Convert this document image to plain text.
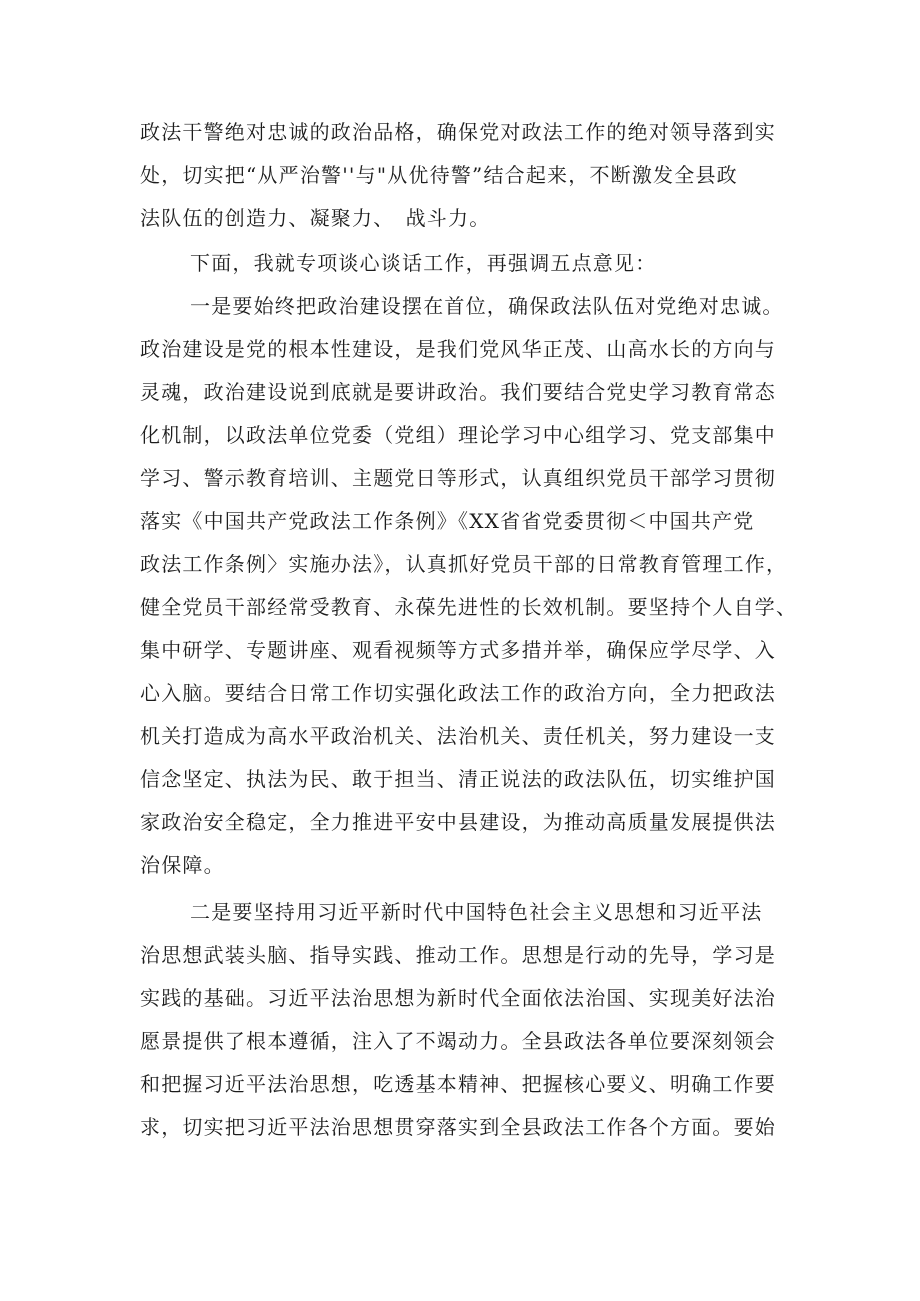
政法干警绝对忠诚的政治品格，确保党对政法工作的绝对领导落到实

处，切实把“从严治警''与"从优待警”结合起来，不断激发全县政

法队伍的创造力、凝聚力、　战斗力。

下面，我就专项谈心谈话工作，再强调五点意见：

一是要始终把政治建设摆在首位，确保政法队伍对党绝对忠诚。

政治建设是党的根本性建设，是我们党风华正茂、山高水长的方向与

灵魂，政治建设说到底就是要讲政治。我们要结合党史学习教育常态

化机制，以政法单位党委（党组）理论学习中心组学习、党支部集中

学习、警示教育培训、主题党日等形式，认真组织党员干部学习贯彻

落实《中国共产党政法工作条例》《XX省省党委贯彻＜中国共产党

政法工作条例〉实施办法》，认真抓好党员干部的日常教育管理工作，

健全党员干部经常受教育、永葆先进性的长效机制。要坚持个人自学、

集中研学、专题讲座、观看视频等方式多措并举，确保应学尽学、入

心入脑。要结合日常工作切实强化政法工作的政治方向，全力把政法

机关打造成为高水平政治机关、法治机关、责任机关，努力建设一支

信念坚定、执法为民、敢于担当、清正说法的政法队伍，切实维护国

家政治安全稳定，全力推进平安中县建设，为推动高质量发展提供法

治保障。

二是要坚持用习近平新时代中国特色社会主义思想和习近平法

治思想武装头脑、指导实践、推动工作。思想是行动的先导，学习是

实践的基础。习近平法治思想为新时代全面依法治国、实现美好法治

愿景提供了根本遵循，注入了不竭动力。全县政法各单位要深刻领会

和把握习近平法治思想，吃透基本精神、把握核心要义、明确工作要

求，切实把习近平法治思想贯穿落实到全县政法工作各个方面。要始
